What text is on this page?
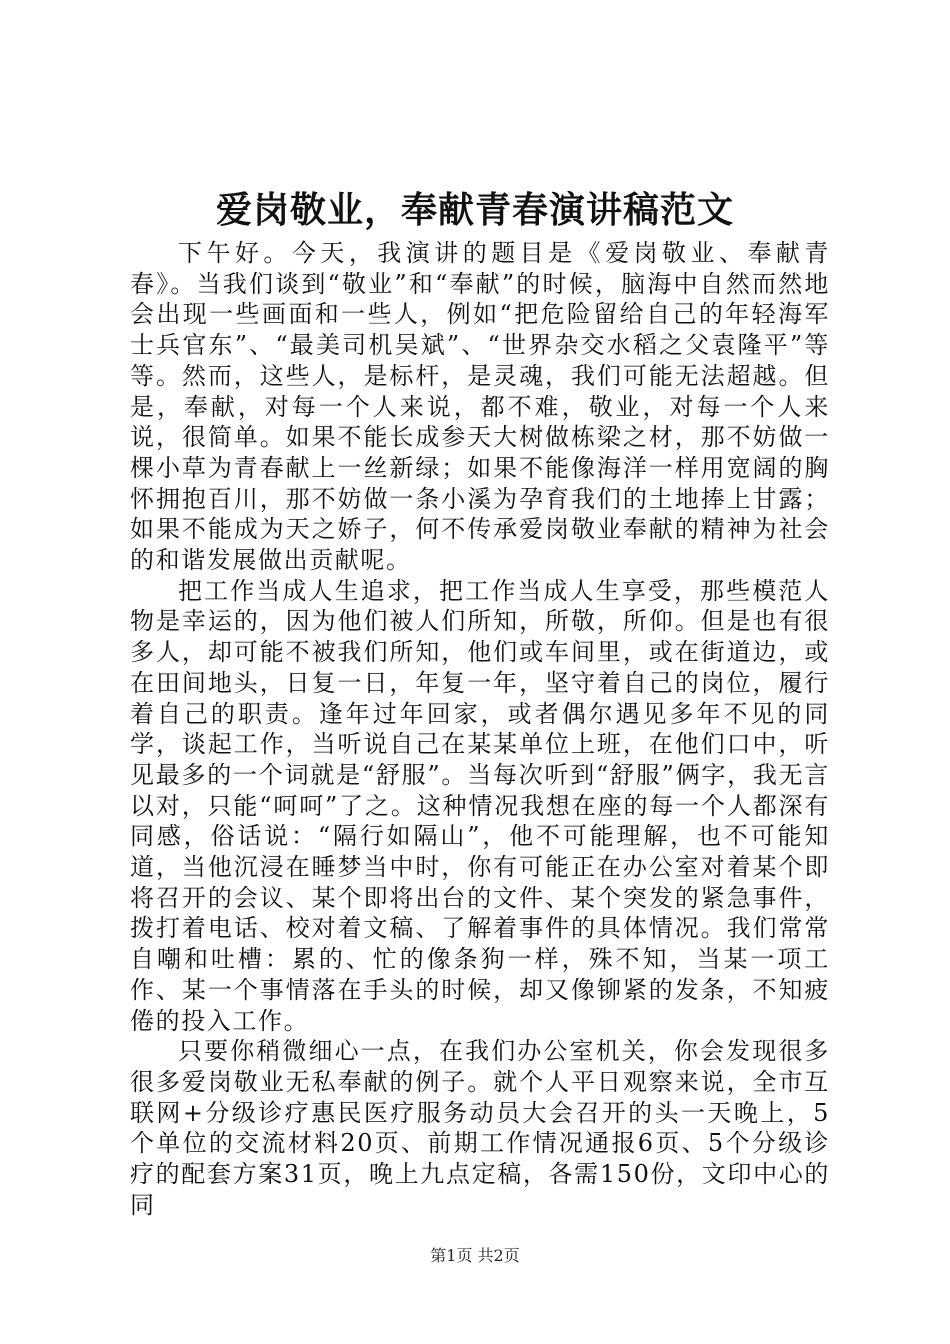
爱岗敬业，奉献青春演讲稿范文

下午好。今天，我演讲的题目是《爱岗敬业、奉献青春》。当我们谈到“敬业”和“奉献”的时候，脑海中自然而然地会出现一些画面和一些人，例如“把危险留给自己的年轻海军士兵官东”、“最美司机吴斌”、“世界杂交水稻之父袁隆平”等等。然而，这些人，是标杆，是灵魂，我们可能无法超越。但是，奉献，对每一个人来说，都不难，敬业，对每一个人来说，很简单。如果不能长成参天大树做栋梁之材，那不妨做一棵小草为青春献上一丝新绿；如果不能像海洋一样用宽阔的胸怀拥抱百川，那不妨做一条小溪为孕育我们的土地捧上甘露；如果不能成为天之娇子，何不传承爱岗敬业奉献的精神为社会的和谐发展做出贡献呢。

把工作当成人生追求，把工作当成人生享受，那些模范人物是幸运的，因为他们被人们所知，所敬，所仰。但是也有很多人，却可能不被我们所知，他们或车间里，或在街道边，或在田间地头，日复一日，年复一年，坚守着自己的岗位，履行着自己的职责。逢年过年回家，或者偶尔遇见多年不见的同学，谈起工作，当听说自己在某某单位上班，在他们口中，听见最多的一个词就是“舒服”。当每次听到“舒服”俩字，我无言以对，只能“呵呵”了之。这种情况我想在座的每一个人都深有同感，俗话说：“隔行如隔山”，他不可能理解，也不可能知道，当他沉浸在睡梦当中时，你有可能正在办公室对着某个即将召开的会议、某个即将出台的文件、某个突发的紧急事件，拨打着电话、校对着文稿、了解着事件的具体情况。我们常常自嘲和吐槽：累的、忙的像条狗一样，殊不知，当某一项工作、某一个事情落在手头的时候，却又像铆紧的发条，不知疲倦的投入工作。

只要你稍微细心一点，在我们办公室机关，你会发现很多很多爱岗敬业无私奉献的例子。就个人平日观察来说，全市互联网+分级诊疗惠民医疗服务动员大会召开的头一天晚上，5个单位的交流材料20页、前期工作情况通报6页、5个分级诊疗的配套方案31页，晚上九点定稿，各需150份，文印中心的同

第1页 共2页
